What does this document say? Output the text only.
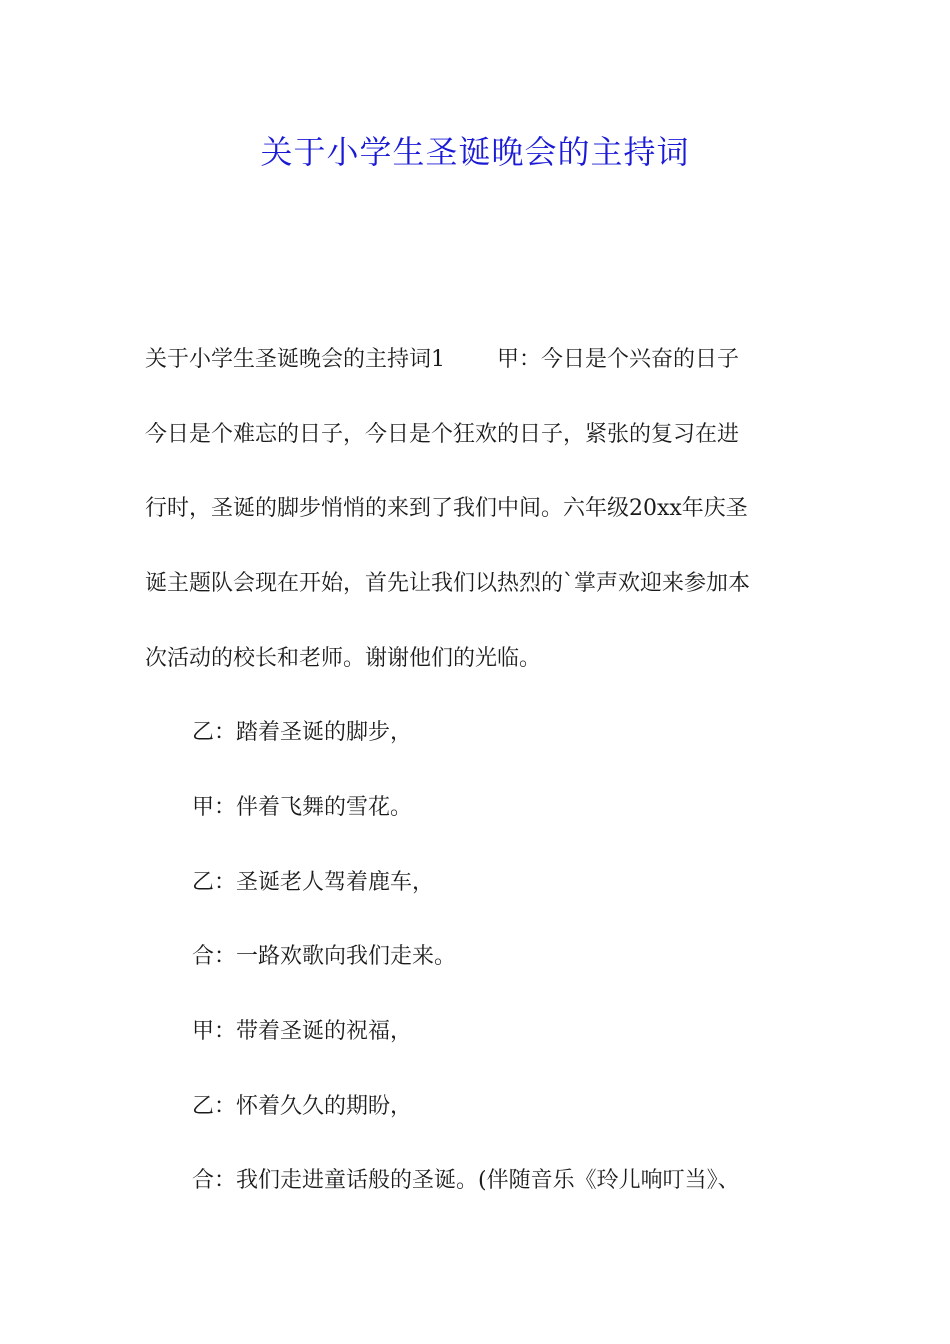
关于小学生圣诞晚会的主持词

关于小学生圣诞晚会的主持词1 甲：今日是个兴奋的日子

今日是个难忘的日子，今日是个狂欢的日子，紧张的复习在进

行时，圣诞的脚步悄悄的来到了我们中间。六年级20xx年庆圣

诞主题队会现在开始，首先让我们以热烈的`掌声欢迎来参加本

次活动的校长和老师。谢谢他们的光临。

乙：踏着圣诞的脚步，

甲：伴着飞舞的雪花。

乙：圣诞老人驾着鹿车，

合：一路欢歌向我们走来。

甲：带着圣诞的祝福，

乙：怀着久久的期盼，

合：我们走进童话般的圣诞。(伴随音乐《玲儿响叮当》、
